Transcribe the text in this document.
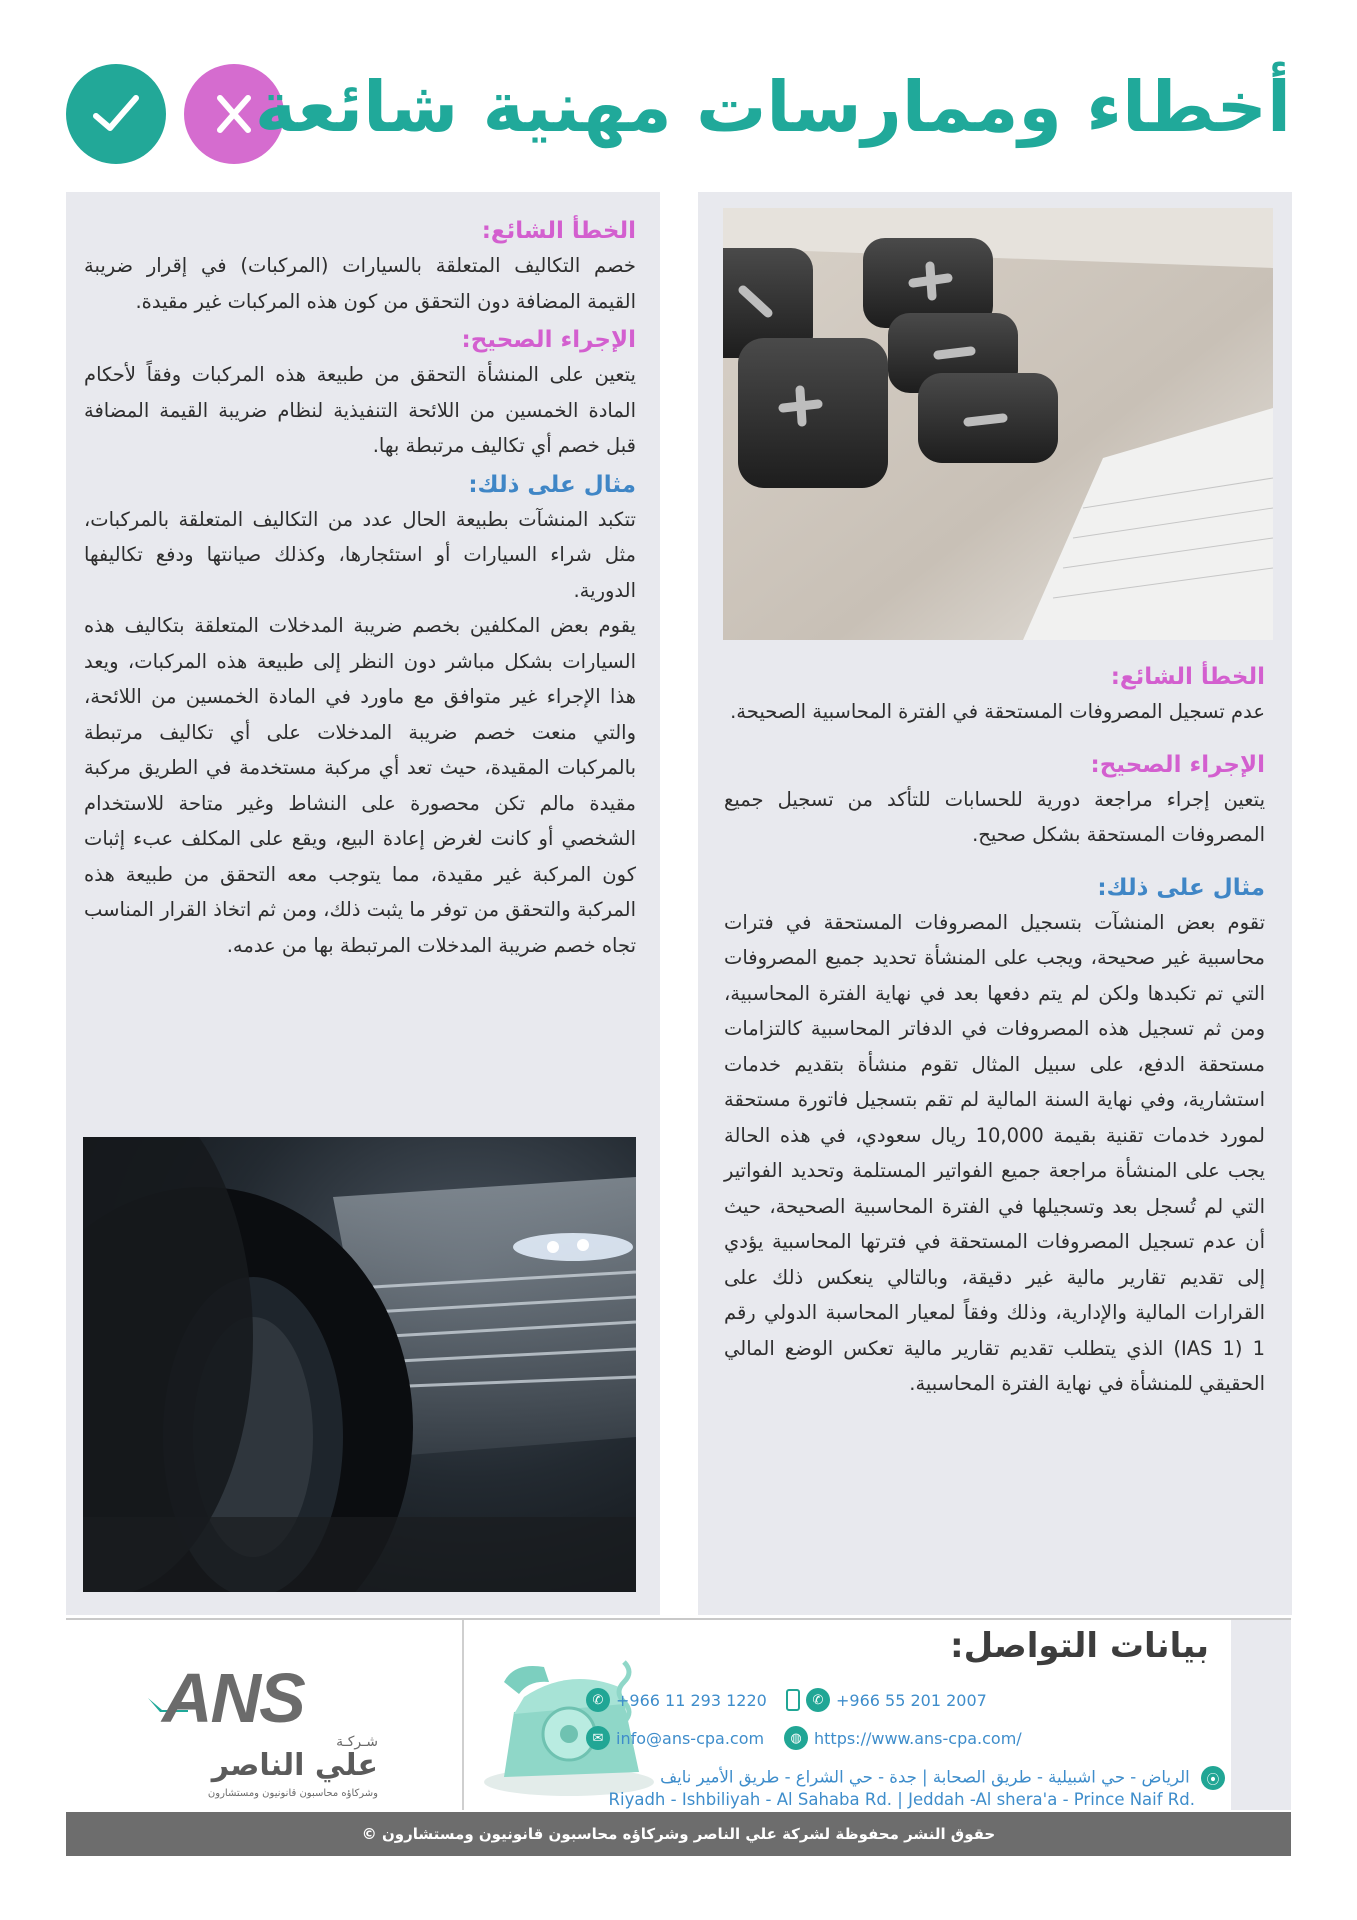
أخطاء وممارسات مهنية شائعة
الخطأ الشائع:

خصم التكاليف المتعلقة بالسيارات (المركبات) في إقرار ضريبة القيمة المضافة دون التحقق من كون هذه المركبات غير مقيدة.

الإجراء الصحيح:

يتعين على المنشأة التحقق من طبيعة هذه المركبات وفقاً لأحكام المادة الخمسين من اللائحة التنفيذية لنظام ضريبة القيمة المضافة قبل خصم أي تكاليف مرتبطة بها.

مثال على ذلك:

تتكبد المنشآت بطبيعة الحال عدد من التكاليف المتعلقة بالمركبات، مثل شراء السيارات أو استئجارها، وكذلك صيانتها ودفع تكاليفها الدورية.

يقوم بعض المكلفين بخصم ضريبة المدخلات المتعلقة بتكاليف هذه السيارات بشكل مباشر دون النظر إلى طبيعة هذه المركبات، ويعد هذا الإجراء غير متوافق مع ماورد في المادة الخمسين من اللائحة، والتي منعت خصم ضريبة المدخلات على أي تكاليف مرتبطة بالمركبات المقيدة، حيث تعد أي مركبة مستخدمة في الطريق مركبة مقيدة مالم تكن محصورة على النشاط وغير متاحة للاستخدام الشخصي أو كانت لغرض إعادة البيع، ويقع على المكلف عبء إثبات كون المركبة غير مقيدة، مما يتوجب معه التحقق من طبيعة هذه المركبة والتحقق من توفر ما يثبت ذلك، ومن ثم اتخاذ القرار المناسب تجاه خصم ضريبة المدخلات المرتبطة بها من عدمه.

الخطأ الشائع:

عدم تسجيل المصروفات المستحقة في الفترة المحاسبية الصحيحة.

الإجراء الصحيح:

يتعين إجراء مراجعة دورية للحسابات للتأكد من تسجيل جميع المصروفات المستحقة بشكل صحيح.

مثال على ذلك:

تقوم بعض المنشآت بتسجيل المصروفات المستحقة في فترات محاسبية غير صحيحة، ويجب على المنشأة تحديد جميع المصروفات التي تم تكبدها ولكن لم يتم دفعها بعد في نهاية الفترة المحاسبية، ومن ثم تسجيل هذه المصروفات في الدفاتر المحاسبية كالتزامات مستحقة الدفع، على سبيل المثال تقوم منشأة بتقديم خدمات استشارية، وفي نهاية السنة المالية لم تقم بتسجيل فاتورة مستحقة لمورد خدمات تقنية بقيمة 10,000 ريال سعودي، في هذه الحالة يجب على المنشأة مراجعة جميع الفواتير المستلمة وتحديد الفواتير التي لم تُسجل بعد وتسجيلها في الفترة المحاسبية الصحيحة، حيث أن عدم تسجيل المصروفات المستحقة في فترتها المحاسبية يؤدي إلى تقديم تقارير مالية غير دقيقة، وبالتالي ينعكس ذلك على القرارات المالية والإدارية، وذلك وفقاً لمعيار المحاسبة الدولي رقم 1 (IAS 1) الذي يتطلب تقديم تقارير مالية تعكس الوضع المالي الحقيقي للمنشأة في نهاية الفترة المحاسبية.

ANS
شـركـة
علي الناصر
وشركاؤه محاسبون قانونيون ومستشارون
بيانات التواصل:
✆ +966 55 201 2007
◍ https://www.ans-cpa.com/
✆ +966 11 293 1220
✉ info@ans-cpa.com
⦿ الرياض - حي اشبيلية - طريق الصحابة | جدة - حي الشراع - طريق الأمير نايف
Riyadh - Ishbiliyah - Al Sahaba Rd. | Jeddah -Al shera'a - Prince Naif Rd.
حقوق النشر محفوظة لشركة علي الناصر وشركاؤه محاسبون قانونيون ومستشارون ©
